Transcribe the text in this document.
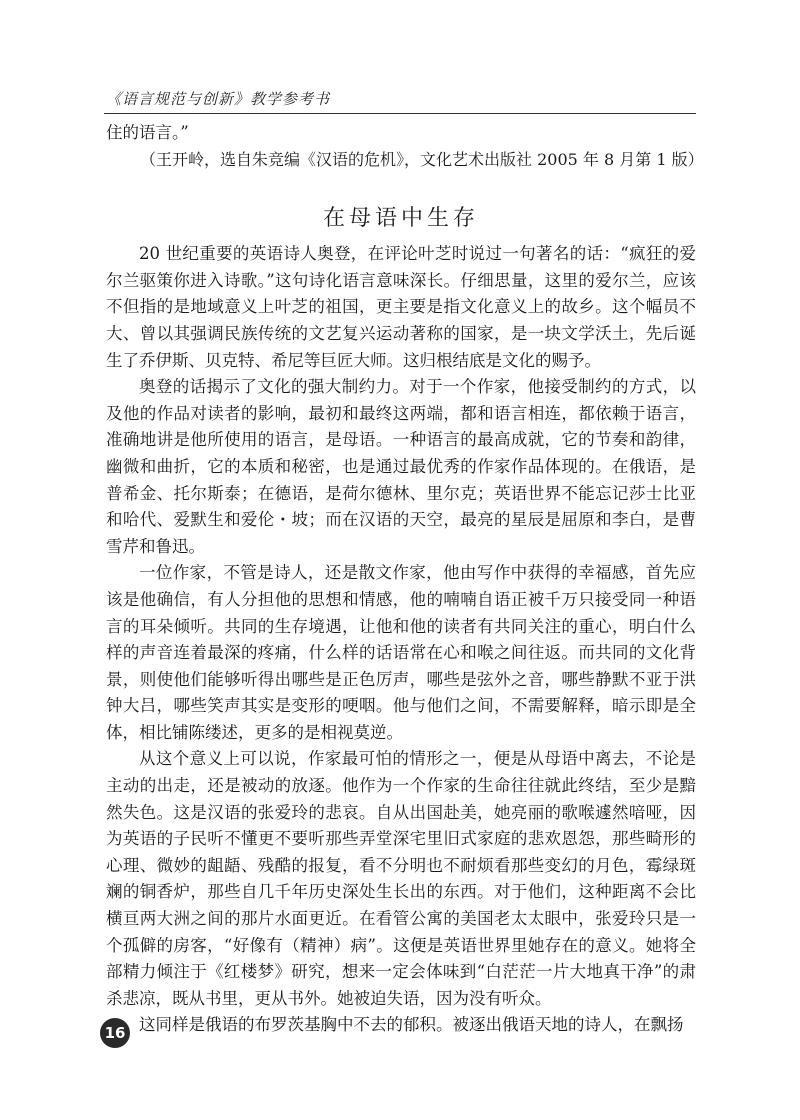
《语言规范与创新》教学参考书

住的语言。”

（王开岭，选自朱竞编《汉语的危机》，文化艺术出版社 2005 年 8 月第 1 版）

在母语中生存

20 世纪重要的英语诗人奥登，在评论叶芝时说过一句著名的话：“疯狂的爱尔兰驱策你进入诗歌。”这句诗化语言意味深长。仔细思量，这里的爱尔兰，应该不但指的是地域意义上叶芝的祖国，更主要是指文化意义上的故乡。这个幅员不大、曾以其强调民族传统的文艺复兴运动著称的国家，是一块文学沃土，先后诞生了乔伊斯、贝克特、希尼等巨匠大师。这归根结底是文化的赐予。

奥登的话揭示了文化的强大制约力。对于一个作家，他接受制约的方式，以及他的作品对读者的影响，最初和最终这两端，都和语言相连，都依赖于语言，准确地讲是他所使用的语言，是母语。一种语言的最高成就，它的节奏和韵律，幽微和曲折，它的本质和秘密，也是通过最优秀的作家作品体现的。在俄语，是普希金、托尔斯泰；在德语，是荷尔德林、里尔克；英语世界不能忘记莎士比亚和哈代、爱默生和爱伦・坡；而在汉语的天空，最亮的星辰是屈原和李白，是曹雪芹和鲁迅。

一位作家，不管是诗人，还是散文作家，他由写作中获得的幸福感，首先应该是他确信，有人分担他的思想和情感，他的喃喃自语正被千万只接受同一种语言的耳朵倾听。共同的生存境遇，让他和他的读者有共同关注的重心，明白什么样的声音连着最深的疼痛，什么样的话语常在心和喉之间往返。而共同的文化背景，则使他们能够听得出哪些是正色厉声，哪些是弦外之音，哪些静默不亚于洪钟大吕，哪些笑声其实是变形的哽咽。他与他们之间，不需要解释，暗示即是全体，相比铺陈缕述，更多的是相视莫逆。

从这个意义上可以说，作家最可怕的情形之一，便是从母语中离去，不论是主动的出走，还是被动的放逐。他作为一个作家的生命往往就此终结，至少是黯然失色。这是汉语的张爱玲的悲哀。自从出国赴美，她亮丽的歌喉遽然喑哑，因为英语的子民听不懂更不要听那些弄堂深宅里旧式家庭的悲欢恩怨，那些畸形的心理、微妙的龃龉、残酷的报复，看不分明也不耐烦看那些变幻的月色，霉绿斑斓的铜香炉，那些自几千年历史深处生长出的东西。对于他们，这种距离不会比横亘两大洲之间的那片水面更近。在看管公寓的美国老太太眼中，张爱玲只是一个孤僻的房客，“好像有（精神）病”。这便是英语世界里她存在的意义。她将全部精力倾注于《红楼梦》研究，想来一定会体味到“白茫茫一片大地真干净”的肃杀悲凉，既从书里，更从书外。她被迫失语，因为没有听众。

这同样是俄语的布罗茨基胸中不去的郁积。被逐出俄语天地的诗人，在飘扬

16
